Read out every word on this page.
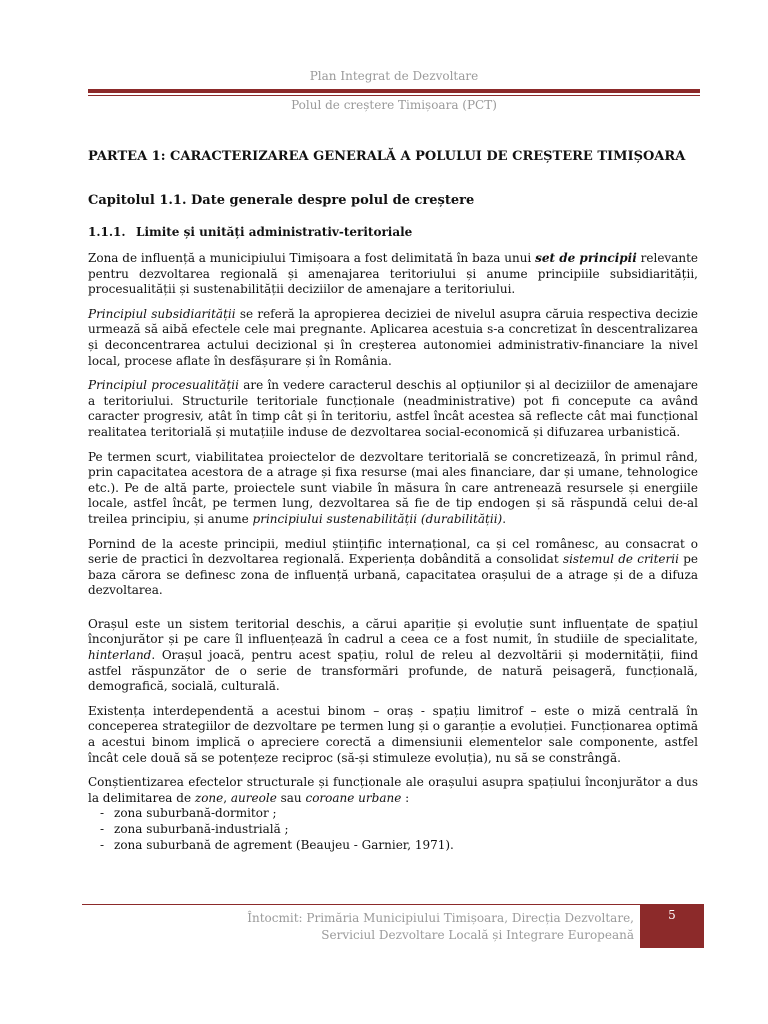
Plan Integrat de Dezvoltare
Polul de creștere Timișoara (PCT)
PARTEA 1: CARACTERIZAREA GENERALĂ A POLULUI DE CREȘTERE TIMIȘOARA
Capitolul 1.1. Date generale despre polul de creștere
1.1.1. Limite și unități administrativ-teritoriale

Zona de influență a municipiului Timișoara a fost delimitată în baza unui set de principii relevante pentru dezvoltarea regională și amenajarea teritoriului și anume principiile subsidiarității, procesualității și sustenabilității deciziilor de amenajare a teritoriului.

Principiul subsidiarității se referă la apropierea deciziei de nivelul asupra căruia respectiva decizie urmează să aibă efectele cele mai pregnante. Aplicarea acestuia s-a concretizat în descentralizarea și deconcentrarea actului decizional și în creșterea autonomiei administrativ-financiare la nivel local, procese aflate în desfășurare și în România.

Principiul procesualității are în vedere caracterul deschis al opțiunilor și al deciziilor de amenajare a teritoriului. Structurile teritoriale funcționale (neadministrative) pot fi concepute ca având caracter progresiv, atât în timp cât și în teritoriu, astfel încât acestea să reflecte cât mai funcțional realitatea teritorială și mutațiile induse de dezvoltarea social-economică și difuzarea urbanistică.

Pe termen scurt, viabilitatea proiectelor de dezvoltare teritorială se concretizează, în primul rând, prin capacitatea acestora de a atrage și fixa resurse (mai ales financiare, dar și umane, tehnologice etc.). Pe de altă parte, proiectele sunt viabile în măsura în care antrenează resursele și energiile locale, astfel încât, pe termen lung, dezvoltarea să fie de tip endogen și să răspundă celui de-al treilea principiu, și anume principiului sustenabilității (durabilității).

Pornind de la aceste principii, mediul științific internațional, ca și cel românesc, au consacrat o serie de practici în dezvoltarea regională. Experiența dobândită a consolidat sistemul de criterii pe baza cărora se definesc zona de influență urbană, capacitatea orașului de a atrage și de a difuza dezvoltarea.

Orașul este un sistem teritorial deschis, a cărui apariție și evoluție sunt influențate de spațiul înconjurător și pe care îl influențează în cadrul a ceea ce a fost numit, în studiile de specialitate, hinterland. Orașul joacă, pentru acest spațiu, rolul de releu al dezvoltării și modernității, fiind astfel răspunzător de o serie de transformări profunde, de natură peisageră, funcțională, demografică, socială, culturală.

Existența interdependentă a acestui binom – oraș - spațiu limitrof – este o miză centrală în conceperea strategiilor de dezvoltare pe termen lung și o garanție a evoluției. Funcționarea optimă a acestui binom implică o apreciere corectă a dimensiunii elementelor sale componente, astfel încât cele două să se potențeze reciproc (să-și stimuleze evoluția), nu să se constrângă.

Conștientizarea efectelor structurale și funcționale ale orașului asupra spațiului înconjurător a dus la delimitarea de zone, aureole sau coroane urbane :

- zona suburbană-dormitor ;
- zona suburbană-industrială ;
- zona suburbană de agrement (Beaujeu - Garnier, 1971).
Întocmit: Primăria Municipiului Timișoara, Direcția Dezvoltare,
Serviciul Dezvoltare Locală și Integrare Europeană
5
